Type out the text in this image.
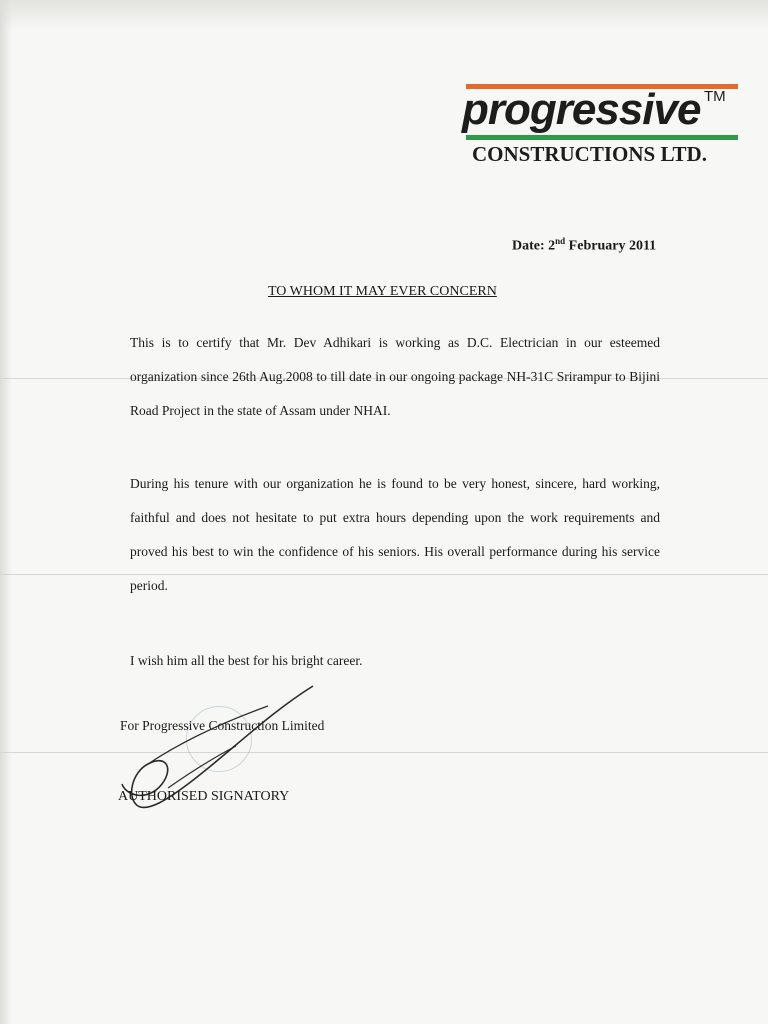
progressive TM
CONSTRUCTIONS LTD.
Date: 2nd February 2011
TO WHOM IT MAY EVER CONCERN
This is to certify that Mr. Dev Adhikari is working as D.C. Electrician in our esteemed organization since 26th Aug.2008 to till date in our ongoing package NH-31C Srirampur to Bijini Road Project in the state of Assam under NHAI.
During his tenure with our organization he is found to be very honest, sincere, hard working, faithful and does not hesitate to put extra hours depending upon the work requirements and proved his best to win the confidence of his seniors. His overall performance during his service period.
I wish him all the best for his bright career.
For Progressive Construction Limited
AUTHORISED SIGNATORY
